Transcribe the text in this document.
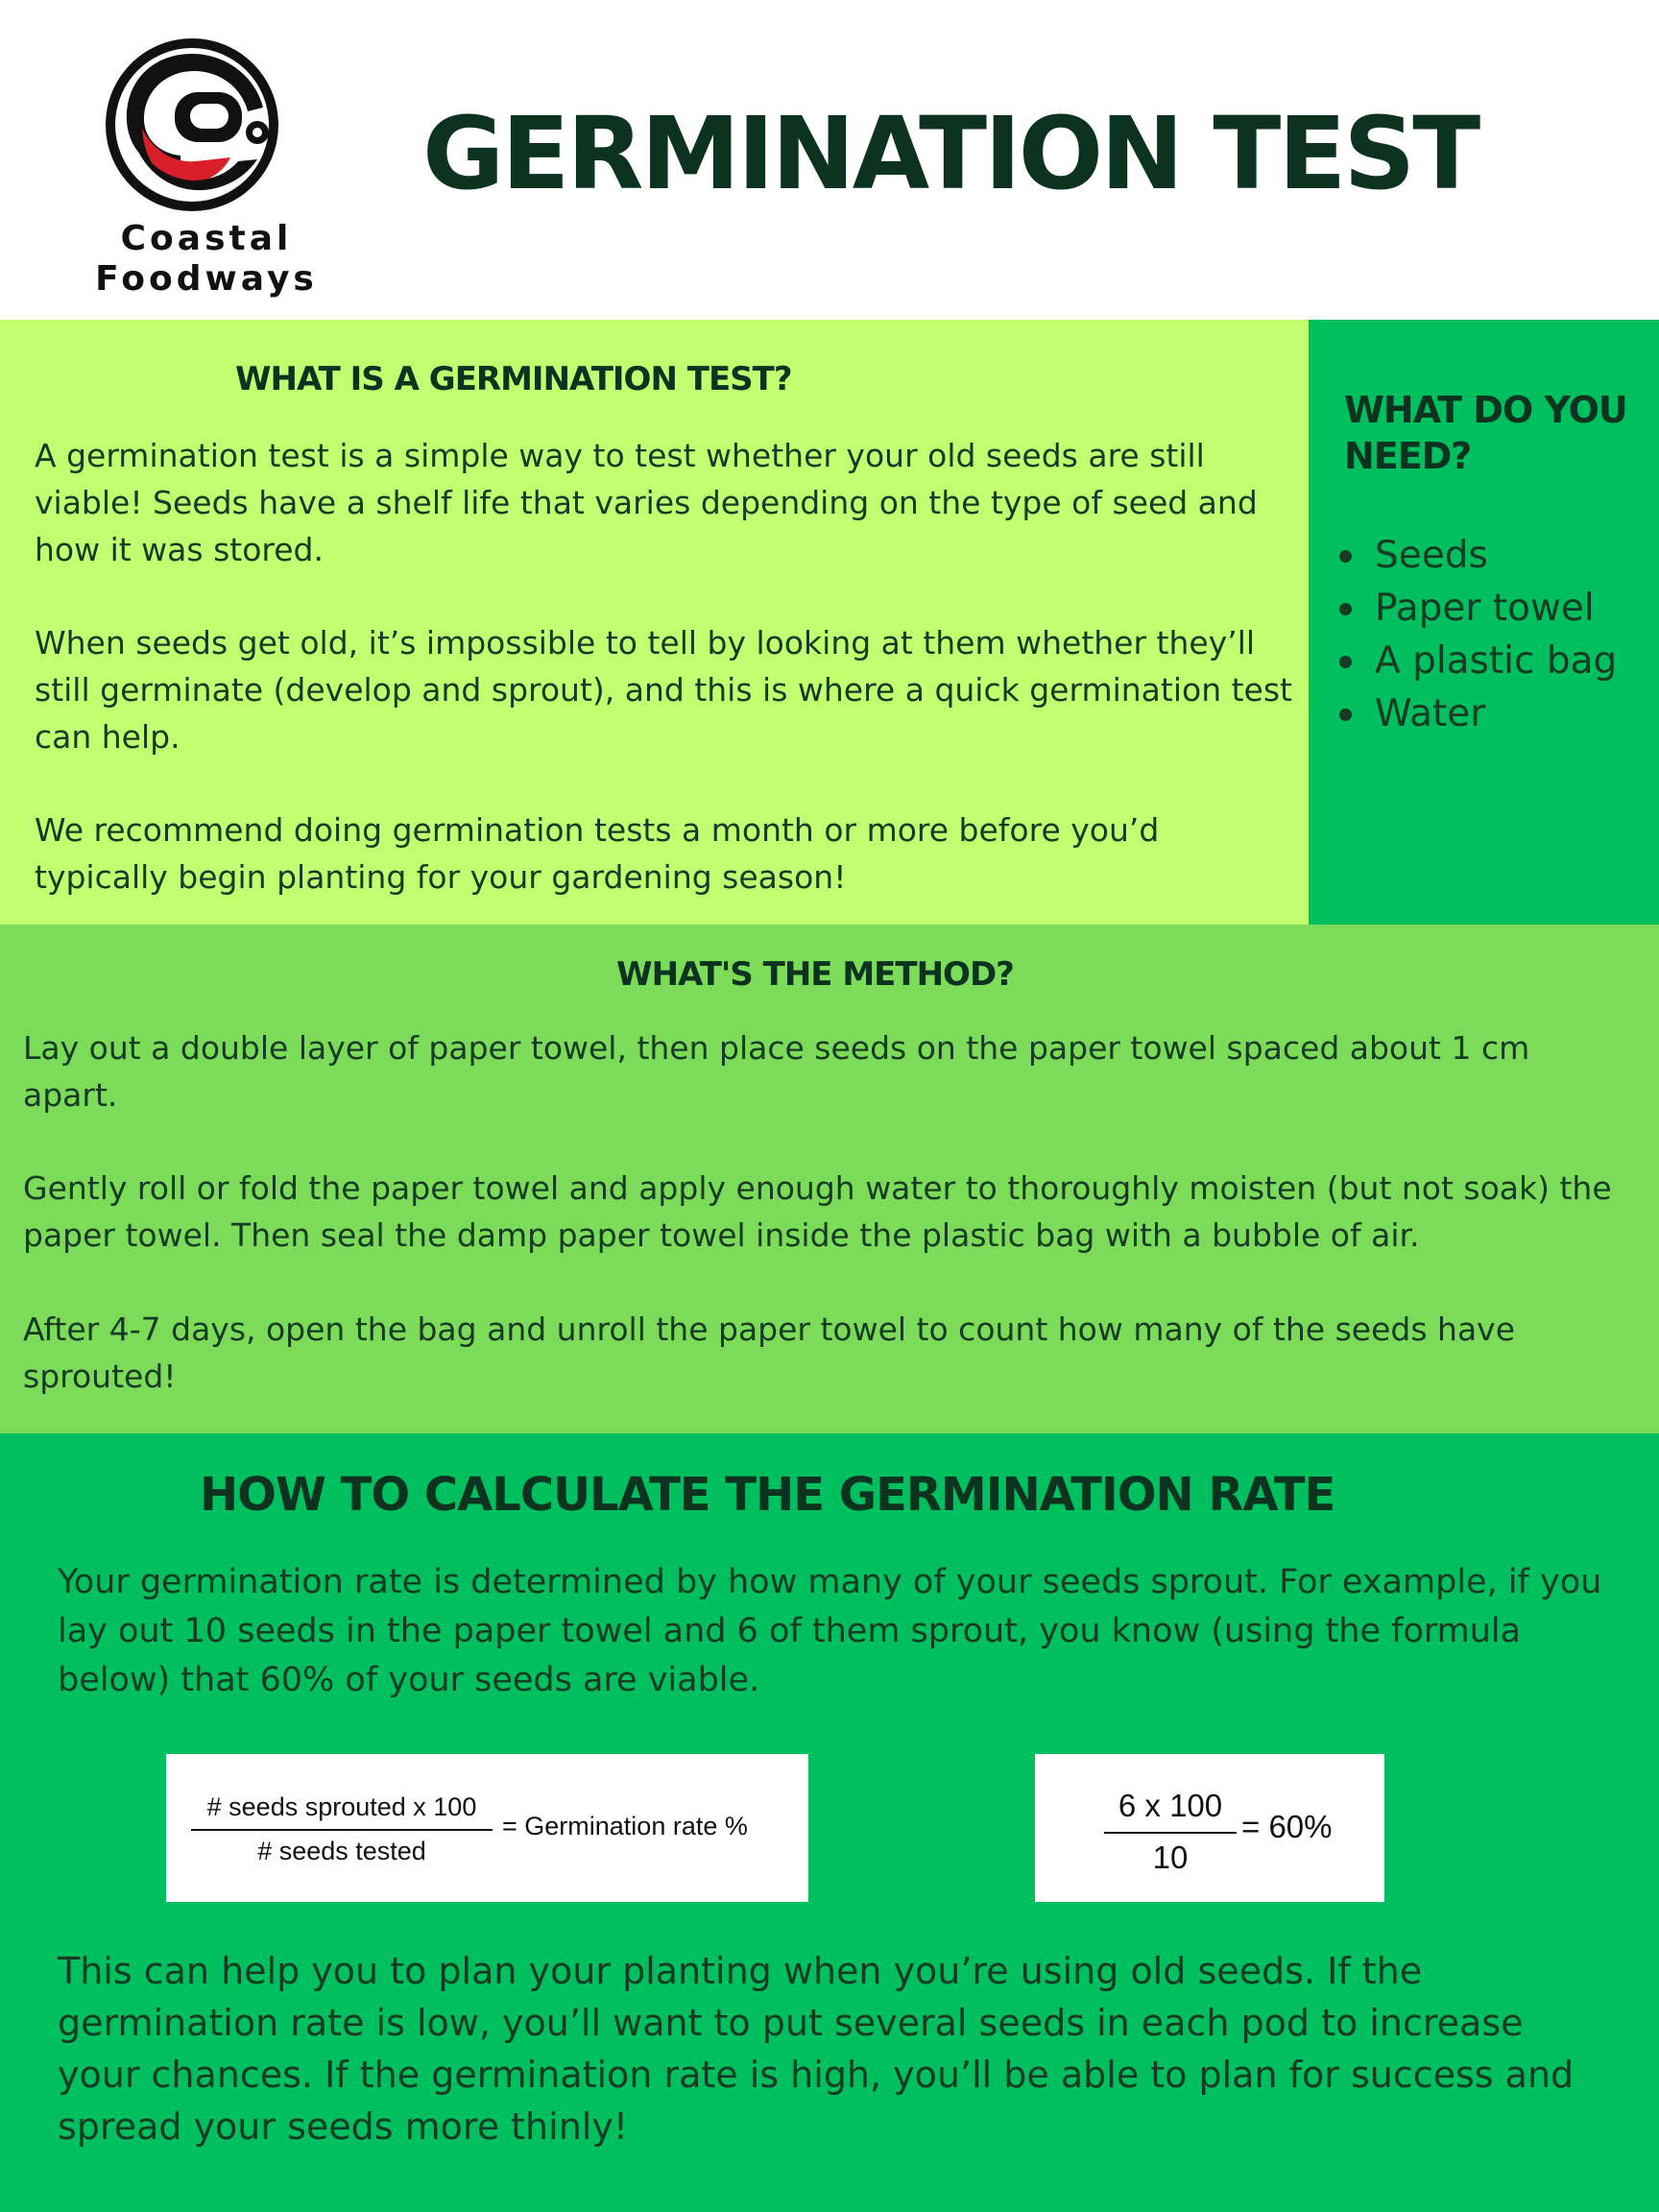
Coastal
Foodways
GERMINATION TEST
WHAT IS A GERMINATION TEST?

A germination test is a simple way to test whether your old seeds are still viable! Seeds have a shelf life that varies depending on the type of seed and how it was stored.

When seeds get old, it’s impossible to tell by looking at them whether they’ll still germinate (develop and sprout), and this is where a quick germination test can help.

We recommend doing germination tests a month or more before you’d typically begin planting for your gardening season!

WHAT DO YOU NEED?
Seeds
Paper towel
A plastic bag
Water
WHAT'S THE METHOD?

Lay out a double layer of paper towel, then place seeds on the paper towel spaced about 1 cm apart.

Gently roll or fold the paper towel and apply enough water to thoroughly moisten (but not soak) the paper towel. Then seal the damp paper towel inside the plastic bag with a bubble of air.

After 4-7 days, open the bag and unroll the paper towel to count how many of the seeds have sprouted!

HOW TO CALCULATE THE GERMINATION RATE
Your germination rate is determined by how many of your seeds sprout. For example, if you lay out 10 seeds in the paper towel and 6 of them sprout, you know (using the formula below) that 60% of your seeds are viable.
# seeds sprouted x 100
# seeds tested
= Germination rate %
6 x 100
10
= 60%
This can help you to plan your planting when you’re using old seeds. If the germination rate is low, you’ll want to put several seeds in each pod to increase your chances. If the germination rate is high, you’ll be able to plan for success and spread your seeds more thinly!
